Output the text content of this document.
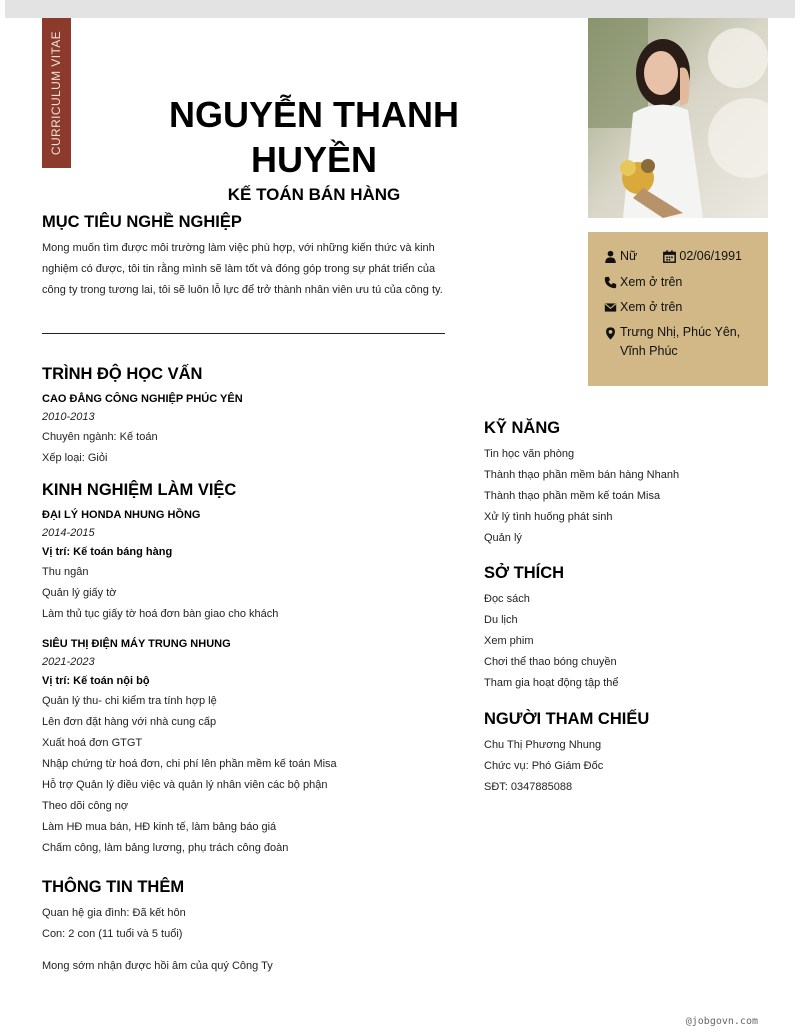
CURRICULUM VITAE	NGUYỄN THANH
HUYỀN
KẾ TOÁN BÁN HÀNG
Nữ	02/06/1991
Xem ở trên
Xem ở trên
Trưng Nhị, Phúc Yên, Vĩnh Phúc
MỤC TIÊU NGHỀ NGHIỆP

Mong muốn tìm được môi trường làm việc phù hợp, với những kiến thức và kinh nghiệm có được, tôi tin rằng mình sẽ làm tốt và đóng góp trong sự phát triển của công ty trong tương lai, tôi sẽ luôn lỗ lực để trở thành nhân viên ưu tú của công ty.

TRÌNH ĐỘ HỌC VẤN
CAO ĐẲNG CÔNG NGHIỆP PHÚC YÊN
2010-2013
Chuyên ngành: Kế toán
Xếp loại: Giỏi
KINH NGHIỆM LÀM VIỆC
ĐẠI LÝ HONDA NHUNG HỒNG
2014-2015
Vị trí: Kế toán báng hàng
Thu ngân
Quản lý giấy tờ
Làm thủ tục giấy tờ hoá đơn bàn giao cho khách
SIÊU THỊ ĐIỆN MÁY TRUNG NHUNG
2021-2023
Vị trí: Kế toán nội bộ
Quản lý thu- chi kiểm tra tính hợp lệ
Lên đơn đặt hàng với nhà cung cấp
Xuất hoá đơn GTGT
Nhập chứng từ hoá đơn, chi phí lên phần mềm kế toán Misa
Hỗ trợ Quản lý điều việc và quản lý nhân viên các bộ phận
Theo dõi công nợ
Làm HĐ mua bán, HĐ kinh tế, làm bảng báo giá
Chấm công, làm bảng lương, phụ trách công đoàn
THÔNG TIN THÊM
Quan hệ gia đình: Đã kết hôn
Con: 2 con (11 tuổi và 5 tuổi)
Mong sớm nhận được hồi âm của quý Công Ty
KỸ NĂNG
Tin học văn phòng
Thành thạo phần mềm bán hàng Nhanh
Thành thạo phần mềm kế toán Misa
Xử lý tình huống phát sinh
Quản lý
SỞ THÍCH
Đọc sách
Du lịch
Xem phim
Chơi thể thao bóng chuyền
Tham gia hoạt động tập thể
NGƯỜI THAM CHIẾU
Chu Thị Phương Nhung
Chức vụ: Phó Giám Đốc
SĐT: 0347885088
@jobgovn.com
